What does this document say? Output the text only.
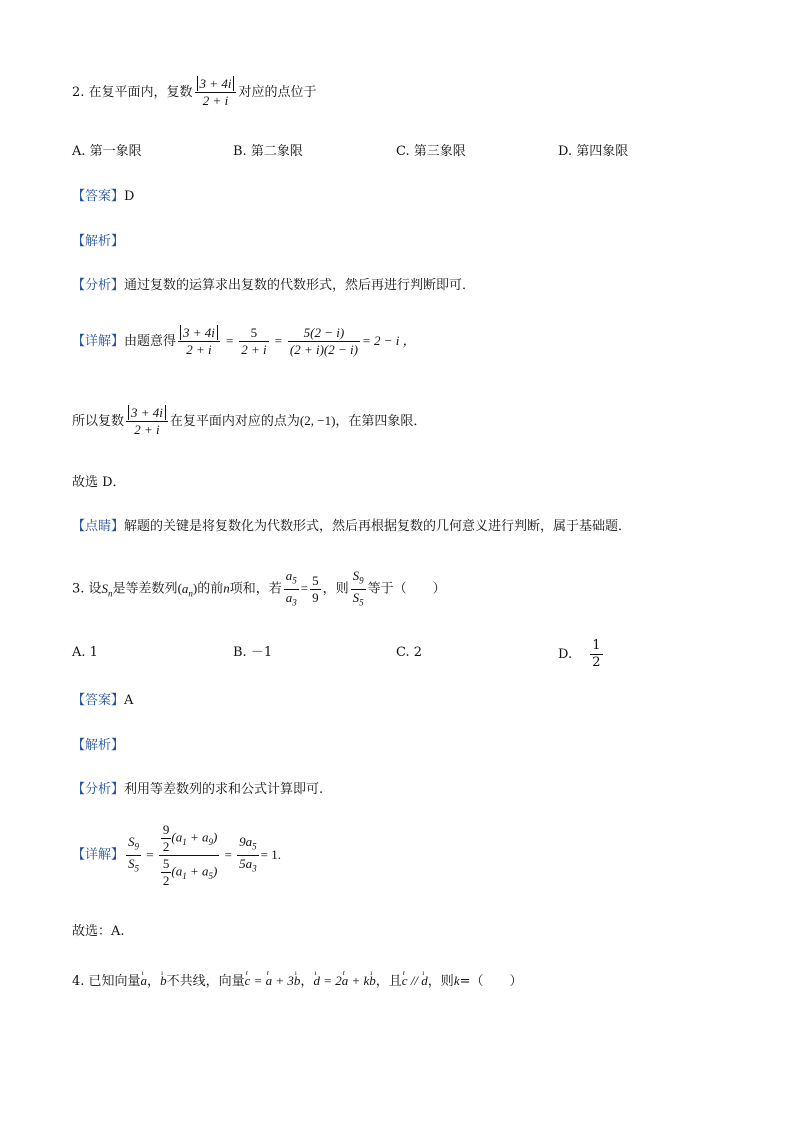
2. 在复平面内，复数 $\frac{3 + 4i}{2 + i}$ 对应的点位于
A. 第一象限	B. 第二象限	C. 第三象限	D. 第四象限
【答案】D
【解析】
【分析】通过复数的运算求出复数的代数形式，然后再进行判断即可．
【详解】由题意得 $\frac{3 + 4i}{2 + i} = \frac{5}{2 + i} = \frac{5(2 - i)}{(2 + i)(2 - i)} = 2 - i$ ，
所以复数 $\frac{3 + 4i}{2 + i}$ 在复平面内对应的点为(2, −1)，在第四象限．
故选 D．
【点睛】解题的关键是将复数化为代数形式，然后再根据复数的几何意义进行判断，属于基础题．
3. 设$S_n$是等差数列$(a_n)$的前n项和，若 $\frac{a_5}{a_3} = \frac{5}{9}$ ，则 $\frac{S_9}{S_5}$ 等于（　　）
A. 1	B. －1	C. 2	D. $\frac{1}{2}$
【答案】A
【解析】
【分析】利用等差数列的求和公式计算即可.
【详解】 $\frac{S_9}{S_5} = \frac{\frac{9}{2} (a_1 + a_9)}{\frac{5}{2} (a_1 + a_5)} = \frac{9a_5}{5a_3} = 1$.
故选：A.
4. 已知向量ı a，ı b不共线，向量r c = r a + 3ı b，ı d = 2r a + kı b，且r c // ı d，则k=（　　）
